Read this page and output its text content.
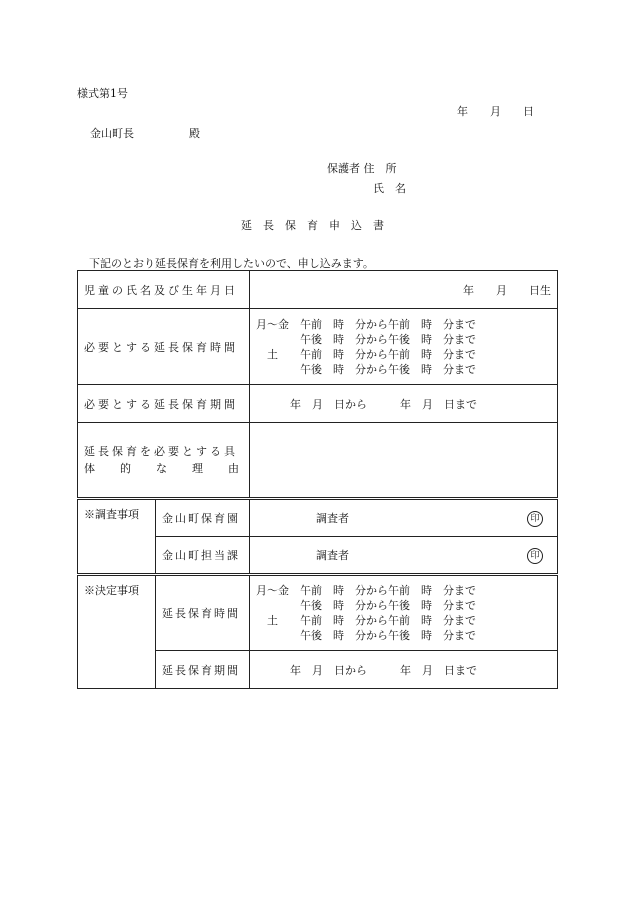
様式第1号
年　　月　　日
金山町長　　　　　殿
保護者 住　所
氏　名
延　長　保　育　申　込　書
下記のとおり延長保育を利用したいので、申し込みます。
児童の氏名及び生年月日		年　　月　　日生
必要とする延長保育時間		月～金　午前　時　分から午前　時　分まで
　　　　午後　時　分から午後　時　分まで
　土　　午前　時　分から午前　時　分まで
　　　　午後　時　分から午後　時　分まで

必要とする延長保育期間		年　月　日から　　　年　月　日まで

延長保育を必要とする具
体　　的　　な　　理　　由		

※調査事項	金山町保育園	調査者 印

	金山町担当課	調査者 印

※決定事項	延長保育時間	月～金　午前　時　分から午前　時　分まで
　　　　午後　時　分から午後　時　分まで
　土　　午前　時　分から午前　時　分まで
　　　　午後　時　分から午後　時　分まで

	延長保育期間	年　月　日から　　　年　月　日まで
